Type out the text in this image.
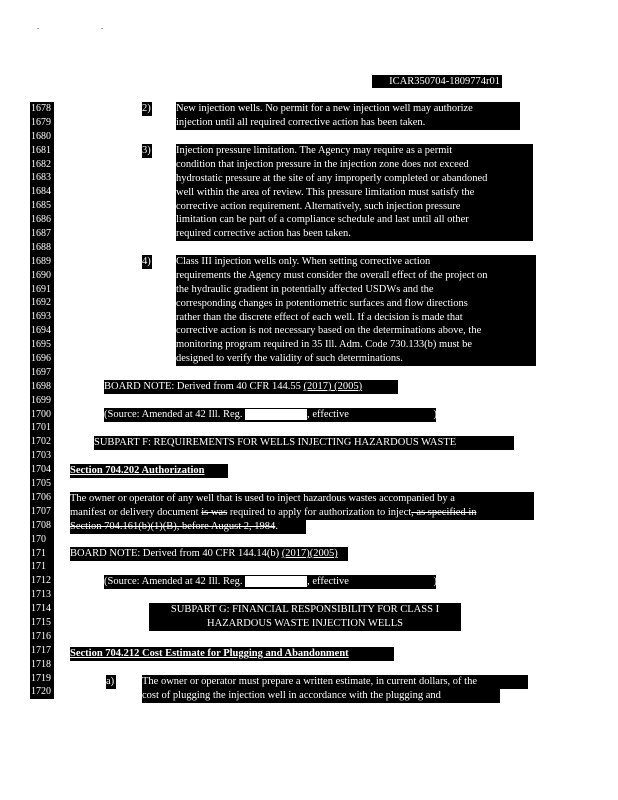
. .
ICAR350704-1809774r01
1678
1679
1680
1681
1682
1683
1684
1685
1686
1687
1688
1689
1690
1691
1692
1693
1694
1695
1696
1697
1698
1699
1700
1701
1702
1703
1704
1705
1706
1707
1708
170
171
171
1712
1713
1714
1715
1716
1717
1718
1719
1720
2) New injection wells. No permit for a new injection well may authorize
injection until all required corrective action has been taken.
3) Injection pressure limitation. The Agency may require as a permit
condition that injection pressure in the injection zone does not exceed
hydrostatic pressure at the site of any improperly completed or abandoned
well within the area of review. This pressure limitation must satisfy the
corrective action requirement. Alternatively, such injection pressure
limitation can be part of a compliance schedule and last until all other
required corrective action has been taken.
4) Class III injection wells only. When setting corrective action
requirements the Agency must consider the overall effect of the project on
the hydraulic gradient in potentially affected USDWs and the
corresponding changes in potentiometric surfaces and flow directions
rather than the discrete effect of each well. If a decision is made that
corrective action is not necessary based on the determinations above, the
monitoring program required in 35 Ill. Adm. Code 730.133(b) must be
designed to verify the validity of such determinations.
BOARD NOTE: Derived from 40 CFR 144.55 (2017) (2005)
(Source: Amended at 42 Ill. Reg.	, effective	)
SUBPART F: REQUIREMENTS FOR WELLS INJECTING HAZARDOUS WASTE
Section 704.202 Authorization
The owner or operator of any well that is used to inject hazardous wastes accompanied by a
manifest or delivery document is was required to apply for authorization to inject, as specified in
Section 704.161(b)(1)(B), before August 2, 1984.
BOARD NOTE: Derived from 40 CFR 144.14(b) (2017)(2005)
(Source: Amended at 42 Ill. Reg.	, effective	)
SUBPART G: FINANCIAL RESPONSIBILITY FOR CLASS I
HAZARDOUS WASTE INJECTION WELLS
Section 704.212 Cost Estimate for Plugging and Abandonment
a)	The owner or operator must prepare a written estimate, in current dollars, of the
cost of plugging the injection well in accordance with the plugging and
